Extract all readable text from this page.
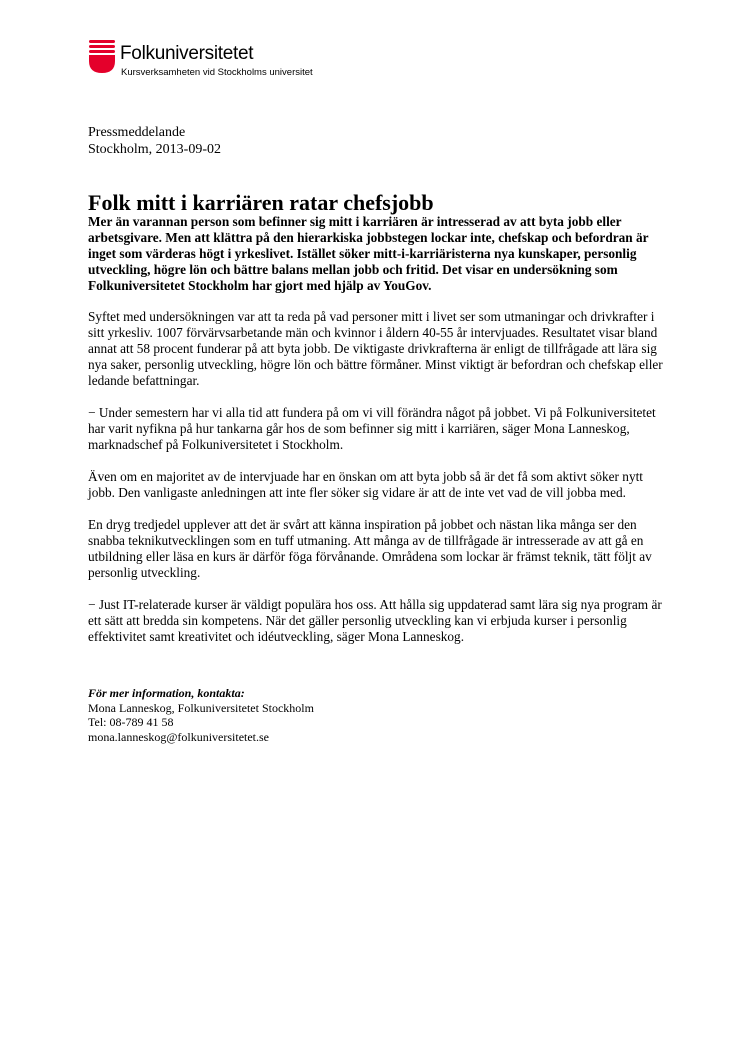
Folkuniversitetet
Kursverksamheten vid Stockholms universitet
Pressmeddelande
Stockholm, 2013-09-02
Folk mitt i karriären ratar chefsjobb

Mer än varannan person som befinner sig mitt i karriären är intresserad av att byta jobb eller arbetsgivare. Men att klättra på den hierarkiska jobbstegen lockar inte, chefskap och befordran är inget som värderas högt i yrkeslivet. Istället söker mitt-i-karriäristerna nya kunskaper, personlig utveckling, högre lön och bättre balans mellan jobb och fritid. Det visar en undersökning som Folkuniversitetet Stockholm har gjort med hjälp av YouGov.

Syftet med undersökningen var att ta reda på vad personer mitt i livet ser som utmaningar och drivkrafter i sitt yrkesliv. 1007 förvärvsarbetande män och kvinnor i åldern 40-55 år intervjuades. Resultatet visar bland annat att 58 procent funderar på att byta jobb. De viktigaste drivkrafterna är enligt de tillfrågade att lära sig nya saker, personlig utveckling, högre lön och bättre förmåner. Minst viktigt är befordran och chefskap eller ledande befattningar.

− Under semestern har vi alla tid att fundera på om vi vill förändra något på jobbet. Vi på Folkuniversitetet har varit nyfikna på hur tankarna går hos de som befinner sig mitt i karriären, säger Mona Lanneskog, marknadschef på Folkuniversitetet i Stockholm.

Även om en majoritet av de intervjuade har en önskan om att byta jobb så är det få som aktivt söker nytt jobb. Den vanligaste anledningen att inte fler söker sig vidare är att de inte vet vad de vill jobba med.

En dryg tredjedel upplever att det är svårt att känna inspiration på jobbet och nästan lika många ser den snabba teknikutvecklingen som en tuff utmaning. Att många av de tillfrågade är intresserade av att gå en utbildning eller läsa en kurs är därför föga förvånande. Områdena som lockar är främst teknik, tätt följt av personlig utveckling.

− Just IT-relaterade kurser är väldigt populära hos oss. Att hålla sig uppdaterad samt lära sig nya program är ett sätt att bredda sin kompetens. När det gäller personlig utveckling kan vi erbjuda kurser i personlig effektivitet samt kreativitet och idéutveckling, säger Mona Lanneskog.

För mer information, kontakta:
Mona Lanneskog, Folkuniversitetet Stockholm
Tel: 08-789 41 58
mona.lanneskog@folkuniversitetet.se
